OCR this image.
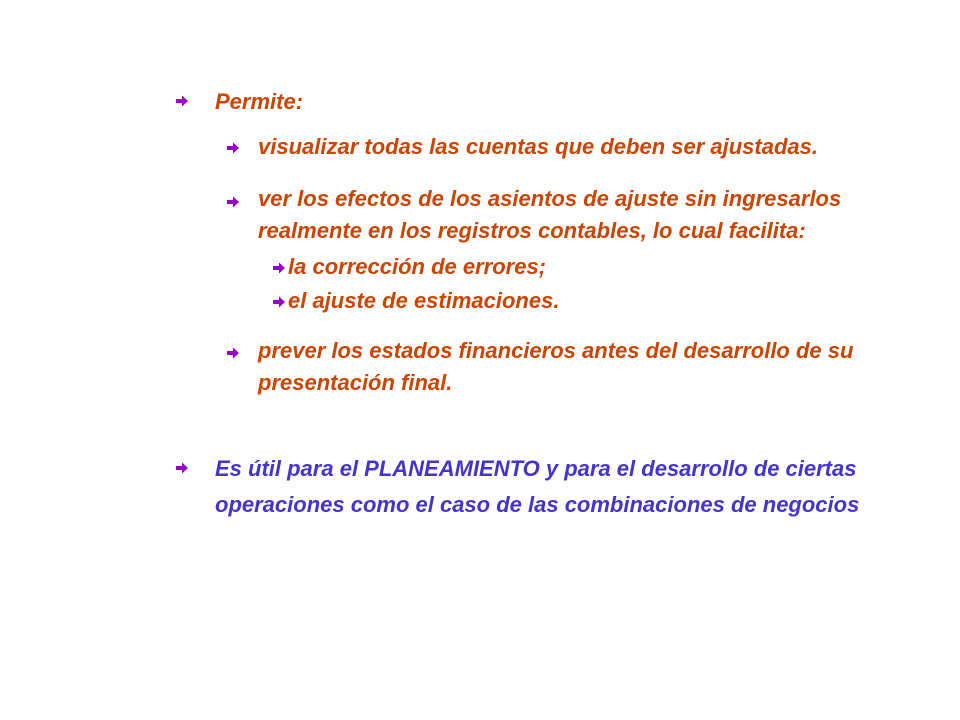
Permite:
visualizar todas las cuentas que deben ser ajustadas.
ver los efectos de los asientos de ajuste sin ingresarlos
realmente en los registros contables, lo cual facilita:
la corrección de errores;
el ajuste de estimaciones.
prever los estados financieros antes del desarrollo de su
presentación final.
Es útil para el PLANEAMIENTO y para el desarrollo de ciertas
operaciones como el caso de las combinaciones de negocios
